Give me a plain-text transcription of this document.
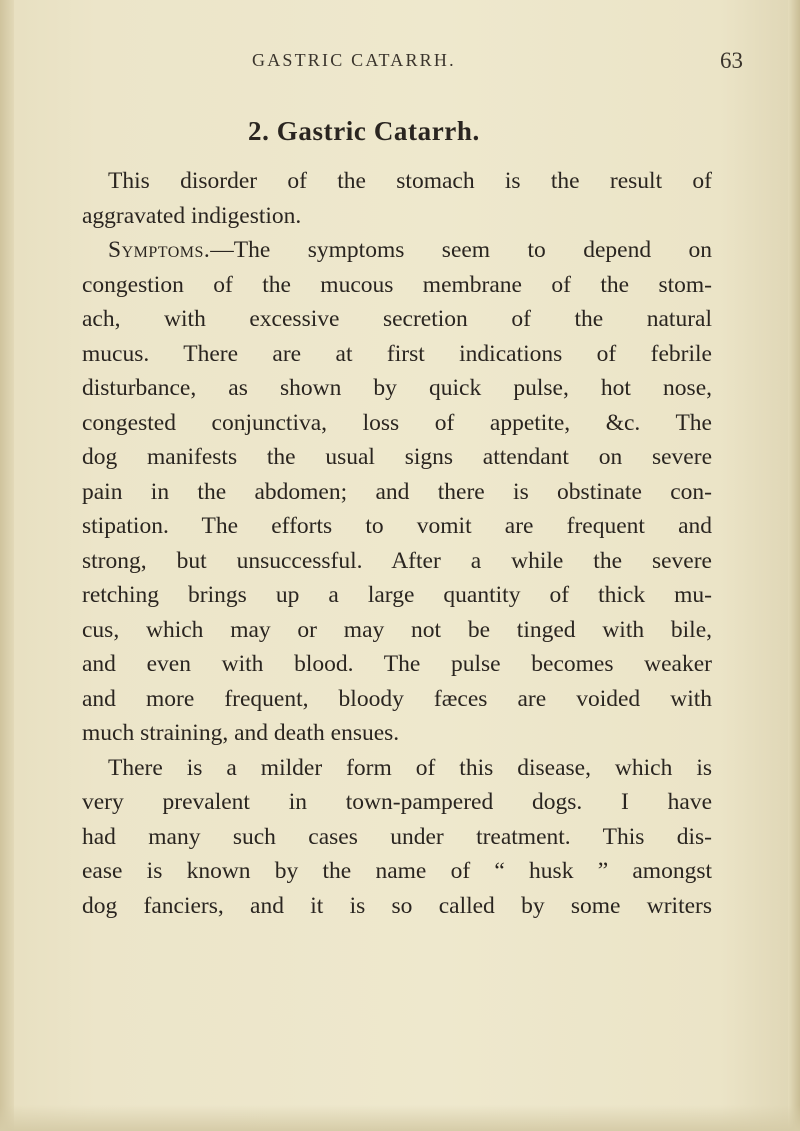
GASTRIC CATARRH.	63
2. Gastric Catarrh.
This disorder of the stomach is the result of
aggravated indigestion.
Symptoms.—The symptoms seem to depend on
congestion of the mucous membrane of the stom-
ach, with excessive secretion of the natural
mucus. There are at first indications of febrile
disturbance, as shown by quick pulse, hot nose,
congested conjunctiva, loss of appetite, &c. The
dog manifests the usual signs attendant on severe
pain in the abdomen; and there is obstinate con-
stipation. The efforts to vomit are frequent and
strong, but unsuccessful. After a while the severe
retching brings up a large quantity of thick mu-
cus, which may or may not be tinged with bile,
and even with blood. The pulse becomes weaker
and more frequent, bloody fæces are voided with
much straining, and death ensues.
There is a milder form of this disease, which is
very prevalent in town-pampered dogs. I have
had many such cases under treatment. This dis-
ease is known by the name of “ husk ” amongst
dog fanciers, and it is so called by some writers
